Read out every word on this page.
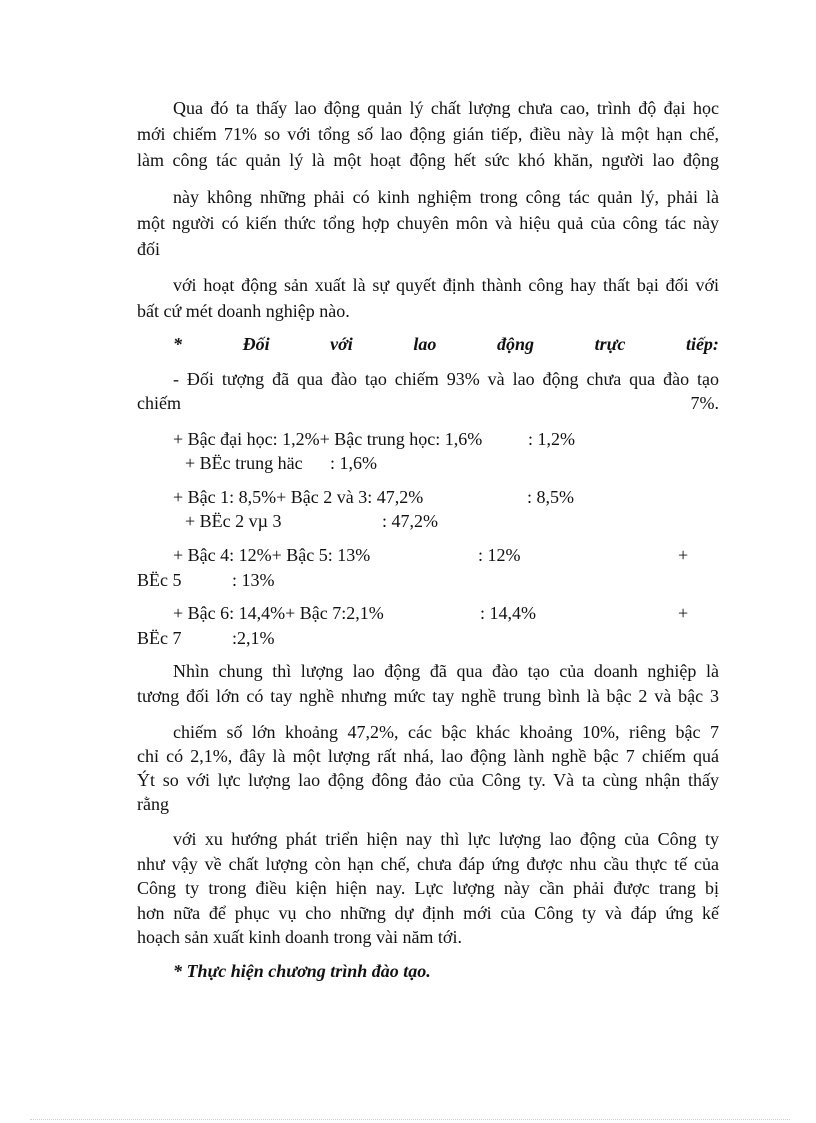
Qua đó ta thấy lao động quản lý chất lượng chưa cao, trình độ đại học
mới chiếm 71% so với tổng số lao động gián tiếp, điều này là một hạn chế,
làm công tác quản lý là một hoạt động hết sức khó khăn, người lao động
này không những phải có kinh nghiệm trong công tác quản lý, phải là
một người có kiến thức tổng hợp chuyên môn và hiệu quả của công tác này
đối
với hoạt động sản xuất là sự quyết định thành công hay thất bại đối với
bất cứ mét doanh nghiệp nào.
*	Đối	với	lao	động	trực	tiếp:
- Đối tượng đã qua đào tạo chiếm 93% và lao động chưa qua đào tạo
chiếm	7%.
+ Bậc đại học: 1,2%+ Bậc trung học: 1,6%	: 1,2%
+ BËc trung häc : 1,6%
+ Bậc 1: 8,5%+ Bậc 2 và 3: 47,2%	: 8,5%
+ BËc 2 vµ 3	: 47,2%
+ Bậc 4: 12%+ Bậc 5: 13%	: 12%	+
BËc 5	: 13%
+ Bậc 6: 14,4%+ Bậc 7:2,1%	: 14,4%	+
BËc 7	:2,1%
Nhìn chung thì lượng lao động đã qua đào tạo của doanh nghiệp là
tương đối lớn có tay nghề nhưng mức tay nghề trung bình là bậc 2 và bậc 3
chiếm số lớn khoảng 47,2%, các bậc khác khoảng 10%, riêng bậc 7
chỉ có 2,1%, đây là một lượng rất nhá, lao động lành nghề bậc 7 chiếm quá
Ýt so với lực lượng lao động đông đảo của Công ty. Và ta cùng nhận thấy
rằng
với xu hướng phát triển hiện nay thì lực lượng lao động của Công ty
như vậy về chất lượng còn hạn chế, chưa đáp ứng được nhu cầu thực tế của
Công ty trong điều kiện hiện nay. Lực lượng này cần phải được trang bị
hơn nữa để phục vụ cho những dự định mới của Công ty và đáp ứng kế
hoạch sản xuất kinh doanh trong vài năm tới.
* Thực hiện chương trình đào tạo.
